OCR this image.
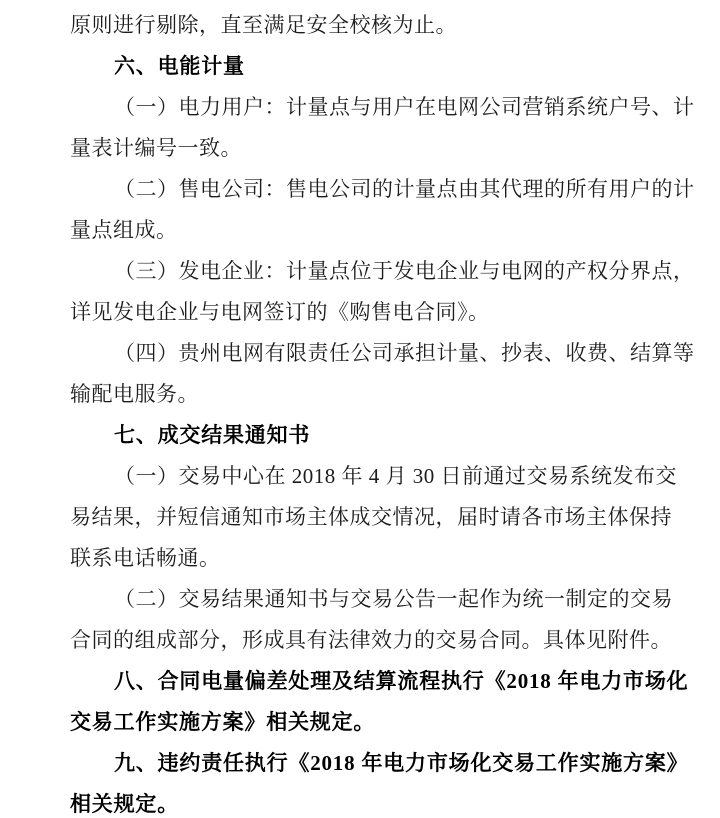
原则进行剔除，直至满足安全校核为止。
六、电能计量
（一）电力用户：计量点与用户在电网公司营销系统户号、计
量表计编号一致。
（二）售电公司：售电公司的计量点由其代理的所有用户的计
量点组成。
（三）发电企业：计量点位于发电企业与电网的产权分界点，
详见发电企业与电网签订的《购售电合同》。
（四）贵州电网有限责任公司承担计量、抄表、收费、结算等
输配电服务。
七、成交结果通知书
（一）交易中心在 2018 年 4 月 30 日前通过交易系统发布交
易结果，并短信通知市场主体成交情况，届时请各市场主体保持
联系电话畅通。
（二）交易结果通知书与交易公告一起作为统一制定的交易
合同的组成部分，形成具有法律效力的交易合同。具体见附件。
八、合同电量偏差处理及结算流程执行《2018 年电力市场化
交易工作实施方案》相关规定。
九、违约责任执行《2018 年电力市场化交易工作实施方案》
相关规定。
